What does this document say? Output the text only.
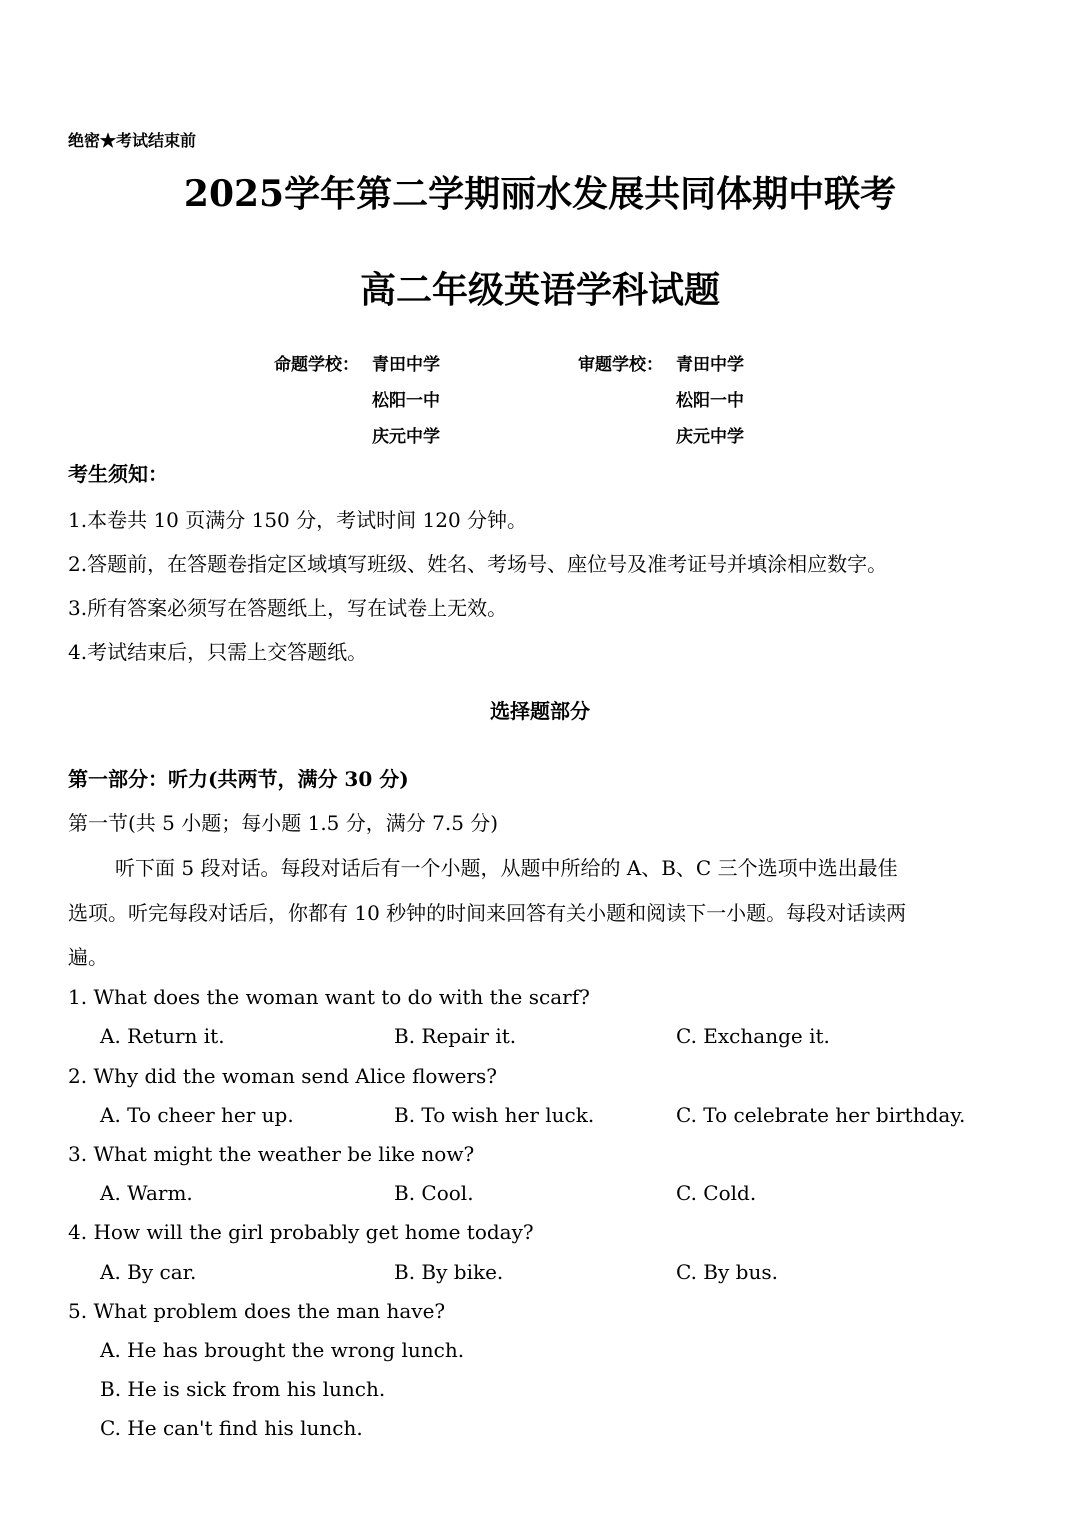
绝密★考试结束前
2025学年第二学期丽水发展共同体期中联考
高二年级英语学科试题
命题学校： 青田中学
松阳一中
庆元中学
审题学校： 青田中学
松阳一中
庆元中学
考生须知：
1.本卷共 10 页满分 150 分，考试时间 120 分钟。
2.答题前，在答题卷指定区域填写班级、姓名、考场号、座位号及准考证号并填涂相应数字。
3.所有答案必须写在答题纸上，写在试卷上无效。
4.考试结束后，只需上交答题纸。
选择题部分
第一部分：听力(共两节，满分 30 分)
第一节(共 5 小题；每小题 1.5 分，满分 7.5 分)
听下面 5 段对话。每段对话后有一个小题，从题中所给的 A、B、C 三个选项中选出最佳
选项。听完每段对话后，你都有 10 秒钟的时间来回答有关小题和阅读下一小题。每段对话读两
遍。
1. What does the woman want to do with the scarf?
A. Return it.	B. Repair it.	C. Exchange it.
2. Why did the woman send Alice flowers?
A. To cheer her up.	B. To wish her luck.	C. To celebrate her birthday.
3. What might the weather be like now?
A. Warm.	B. Cool.	C. Cold.
4. How will the girl probably get home today?
A. By car.	B. By bike.	C. By bus.
5. What problem does the man have?
A. He has brought the wrong lunch.
B. He is sick from his lunch.
C. He can't find his lunch.
